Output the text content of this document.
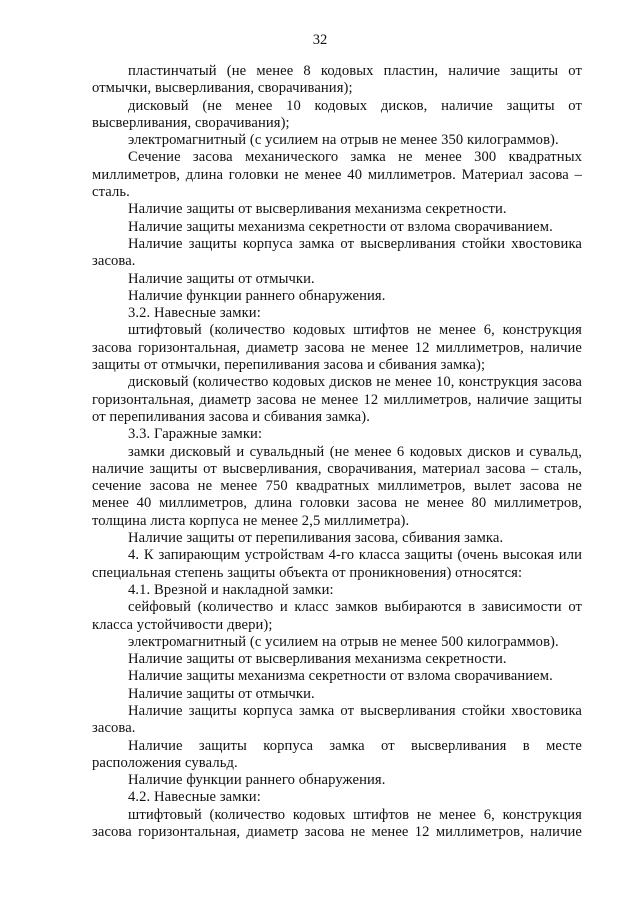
32

пластинчатый (не менее 8 кодовых пластин, наличие защиты от отмычки, высверливания, сворачивания);

дисковый (не менее 10 кодовых дисков, наличие защиты от высверливания, сворачивания);

электромагнитный (с усилием на отрыв не менее 350 килограммов).

Сечение засова механического замка не менее 300 квадратных миллиметров, длина головки не менее 40 миллиметров. Материал засова – сталь.

Наличие защиты от высверливания механизма секретности.

Наличие защиты механизма секретности от взлома сворачиванием.

Наличие защиты корпуса замка от высверливания стойки хвостовика засова.

Наличие защиты от отмычки.

Наличие функции раннего обнаружения.

3.2. Навесные замки:

штифтовый (количество кодовых штифтов не менее 6, конструкция засова горизонтальная, диаметр засова не менее 12 миллиметров, наличие защиты от отмычки, перепиливания засова и сбивания замка);

дисковый (количество кодовых дисков не менее 10, конструкция засова горизонтальная, диаметр засова не менее 12 миллиметров, наличие защиты от перепиливания засова и сбивания замка).

3.3. Гаражные замки:

замки дисковый и сувальдный (не менее 6 кодовых дисков и сувальд, наличие защиты от высверливания, сворачивания, материал засова – сталь, сечение засова не менее 750 квадратных миллиметров, вылет засова не менее 40 миллиметров, длина головки засова не менее 80 миллиметров, толщина листа корпуса не менее 2,5 миллиметра).

Наличие защиты от перепиливания засова, сбивания замка.

4. К запирающим устройствам 4-го класса защиты (очень высокая или специальная степень защиты объекта от проникновения) относятся:

4.1. Врезной и накладной замки:

сейфовый (количество и класс замков выбираются в зависимости от класса устойчивости двери);

электромагнитный (с усилием на отрыв не менее 500 килограммов).

Наличие защиты от высверливания механизма секретности.

Наличие защиты механизма секретности от взлома сворачиванием.

Наличие защиты от отмычки.

Наличие защиты корпуса замка от высверливания стойки хвостовика засова.

Наличие защиты корпуса замка от высверливания в месте расположения сувальд.

Наличие функции раннего обнаружения.

4.2. Навесные замки:

штифтовый (количество кодовых штифтов не менее 6, конструкция засова горизонтальная, диаметр засова не менее 12 миллиметров, наличие
